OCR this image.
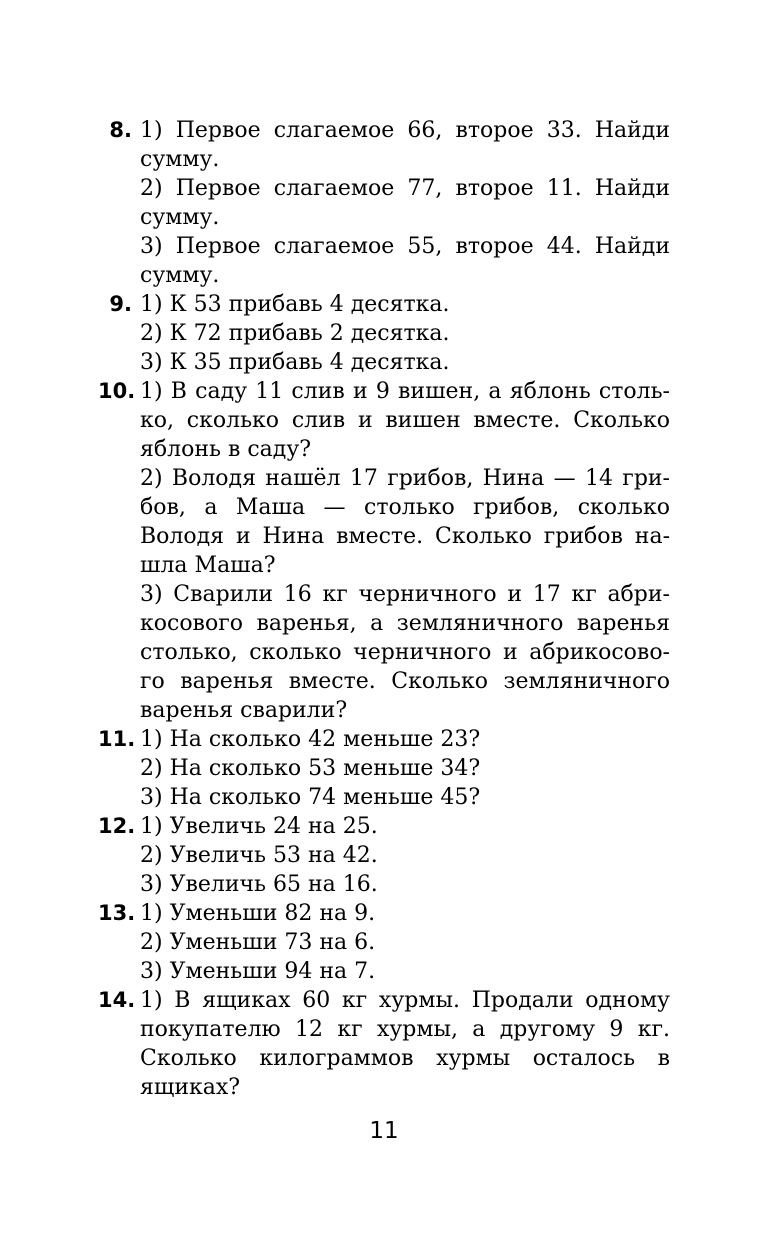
8. 1) Первое слагаемое 66, второе 33. Найди
сумму.
2) Первое слагаемое 77, второе 11. Найди
сумму.
3) Первое слагаемое 55, второе 44. Найди
сумму.
9. 1) К 53 прибавь 4 десятка.
2) К 72 прибавь 2 десятка.
3) К 35 прибавь 4 десятка.
10. 1) В саду 11 слив и 9 вишен, а яблонь столь-
ко, сколько слив и вишен вместе. Сколько
яблонь в саду?
2) Володя нашёл 17 грибов, Нина — 14 гри-
бов, а Маша — столько грибов, сколько
Володя и Нина вместе. Сколько грибов на-
шла Маша?
3) Сварили 16 кг черничного и 17 кг абри-
косового варенья, а земляничного варенья
столько, сколько черничного и абрикосово-
го варенья вместе. Сколько земляничного
варенья сварили?
11. 1) На сколько 42 меньше 23?
2) На сколько 53 меньше 34?
3) На сколько 74 меньше 45?
12. 1) Увеличь 24 на 25.
2) Увеличь 53 на 42.
3) Увеличь 65 на 16.
13. 1) Уменьши 82 на 9.
2) Уменьши 73 на 6.
3) Уменьши 94 на 7.
14. 1) В ящиках 60 кг хурмы. Продали одному
покупателю 12 кг хурмы, а другому 9 кг.
Сколько килограммов хурмы осталось в
ящиках?
11
